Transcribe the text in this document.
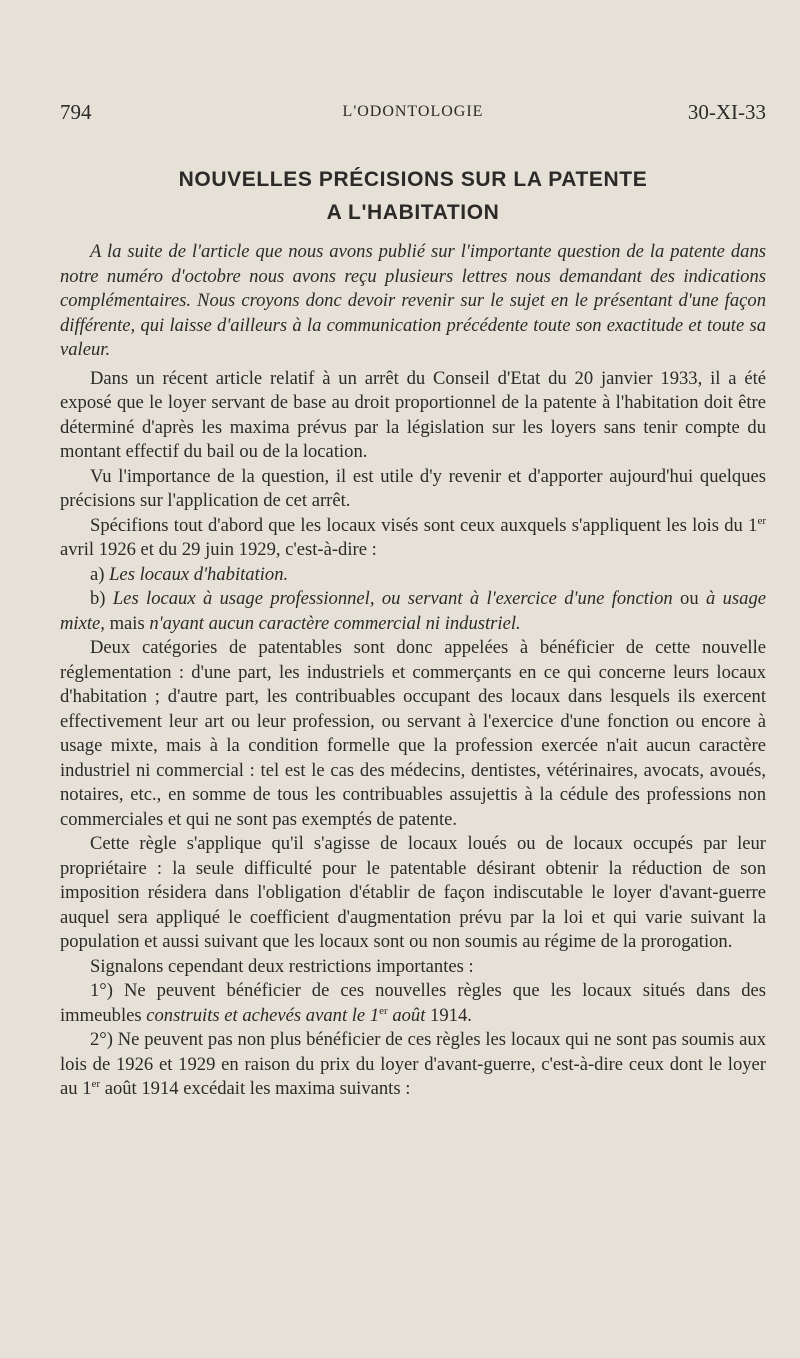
794	L'ODONTOLOGIE	30-XI-33
NOUVELLES PRÉCISIONS SUR LA PATENTE
A L'HABITATION

A la suite de l'article que nous avons publié sur l'importante question de la patente dans notre numéro d'octobre nous avons reçu plusieurs lettres nous demandant des indications complémentaires. Nous croyons donc devoir revenir sur le sujet en le présentant d'une façon différente, qui laisse d'ailleurs à la communication précédente toute son exactitude et toute sa valeur.

Dans un récent article relatif à un arrêt du Conseil d'Etat du 20 janvier 1933, il a été exposé que le loyer servant de base au droit proportionnel de la patente à l'habitation doit être déterminé d'après les maxima prévus par la législation sur les loyers sans tenir compte du montant effectif du bail ou de la location.

Vu l'importance de la question, il est utile d'y revenir et d'apporter aujourd'hui quelques précisions sur l'application de cet arrêt.

Spécifions tout d'abord que les locaux visés sont ceux auxquels s'appliquent les lois du 1er avril 1926 et du 29 juin 1929, c'est-à-dire :

a) Les locaux d'habitation.

b) Les locaux à usage professionnel, ou servant à l'exercice d'une fonction ou à usage mixte, mais n'ayant aucun caractère commercial ni industriel.

Deux catégories de patentables sont donc appelées à bénéficier de cette nouvelle réglementation : d'une part, les industriels et commerçants en ce qui concerne leurs locaux d'habitation ; d'autre part, les contribuables occupant des locaux dans lesquels ils exercent effectivement leur art ou leur profession, ou servant à l'exercice d'une fonction ou encore à usage mixte, mais à la condition formelle que la profession exercée n'ait aucun caractère industriel ni commercial : tel est le cas des médecins, dentistes, vétérinaires, avocats, avoués, notaires, etc., en somme de tous les contribuables assujettis à la cédule des professions non commerciales et qui ne sont pas exemptés de patente.

Cette règle s'applique qu'il s'agisse de locaux loués ou de locaux occupés par leur propriétaire : la seule difficulté pour le patentable désirant obtenir la réduction de son imposition résidera dans l'obligation d'établir de façon indiscutable le loyer d'avant-guerre auquel sera appliqué le coefficient d'augmentation prévu par la loi et qui varie suivant la population et aussi suivant que les locaux sont ou non soumis au régime de la prorogation.

Signalons cependant deux restrictions importantes :

1°) Ne peuvent bénéficier de ces nouvelles règles que les locaux situés dans des immeubles construits et achevés avant le 1er août 1914.

2°) Ne peuvent pas non plus bénéficier de ces règles les locaux qui ne sont pas soumis aux lois de 1926 et 1929 en raison du prix du loyer d'avant-guerre, c'est-à-dire ceux dont le loyer au 1er août 1914 excédait les maxima suivants :
